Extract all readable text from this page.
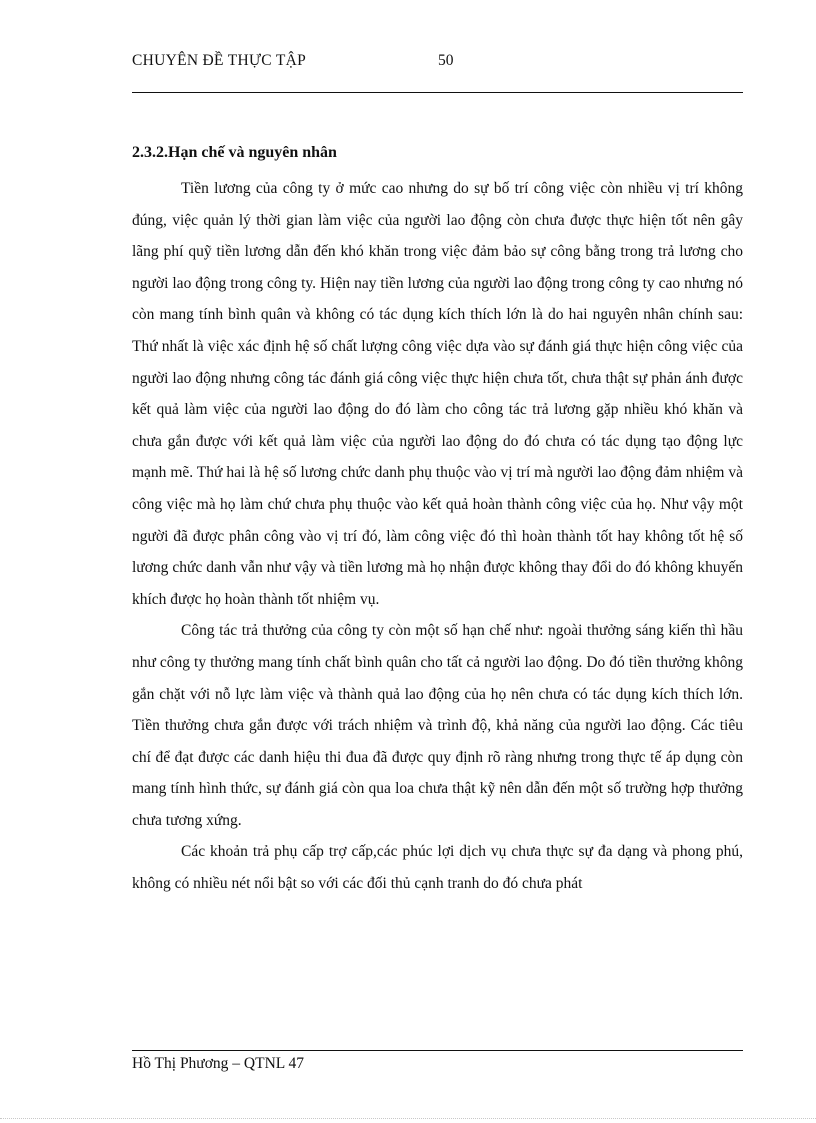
CHUYÊN ĐỀ THỰC TẬP	50

2.3.2.Hạn chế và nguyên nhân

Tiền lương của công ty ở mức cao nhưng do sự bố trí công việc còn nhiều vị trí không đúng, việc quản lý thời gian làm việc của người lao động còn chưa được thực hiện tốt nên gây lãng phí quỹ tiền lương dẫn đến khó khăn trong việc đảm bảo sự công bằng trong trả lương cho người lao động trong công ty. Hiện nay tiền lương của người lao động trong công ty cao nhưng nó còn mang tính bình quân và không có tác dụng kích thích lớn là do hai nguyên nhân chính sau: Thứ nhất là việc xác định hệ số chất lượng công việc dựa vào sự đánh giá thực hiện công việc của người lao động nhưng công tác đánh giá công việc thực hiện chưa tốt, chưa thật sự phản ánh được kết quả làm việc của người lao động do đó làm cho công tác trả lương gặp nhiều khó khăn và chưa gắn được với kết quả làm việc của người lao động do đó chưa có tác dụng tạo động lực mạnh mẽ. Thứ hai là hệ số lương chức danh phụ thuộc vào vị trí mà người lao động đảm nhiệm và công việc mà họ làm chứ chưa phụ thuộc vào kết quả hoàn thành công việc của họ. Như vậy một người đã được phân công vào vị trí đó, làm công việc đó thì hoàn thành tốt hay không tốt hệ số lương chức danh vẫn như vậy và tiền lương mà họ nhận được không thay đổi do đó không khuyến khích được họ hoàn thành tốt nhiệm vụ.

Công tác trả thưởng của công ty còn một số hạn chế như: ngoài thưởng sáng kiến thì hầu như công ty thưởng mang tính chất bình quân cho tất cả người lao động. Do đó tiền thưởng không gắn chặt với nỗ lực làm việc và thành quả lao động của họ nên chưa có tác dụng kích thích lớn. Tiền thưởng chưa gắn được với trách nhiệm và trình độ, khả năng của người lao động. Các tiêu chí để đạt được các danh hiệu thi đua đã được quy định rõ ràng nhưng trong thực tế áp dụng còn mang tính hình thức, sự đánh giá còn qua loa chưa thật kỹ nên dẫn đến một số trường hợp thưởng chưa tương xứng.

Các khoản trả phụ cấp trợ cấp,các phúc lợi dịch vụ chưa thực sự đa dạng và phong phú, không có nhiều nét nổi bật so với các đối thủ cạnh tranh do đó chưa phát

Hồ Thị Phương – QTNL 47
